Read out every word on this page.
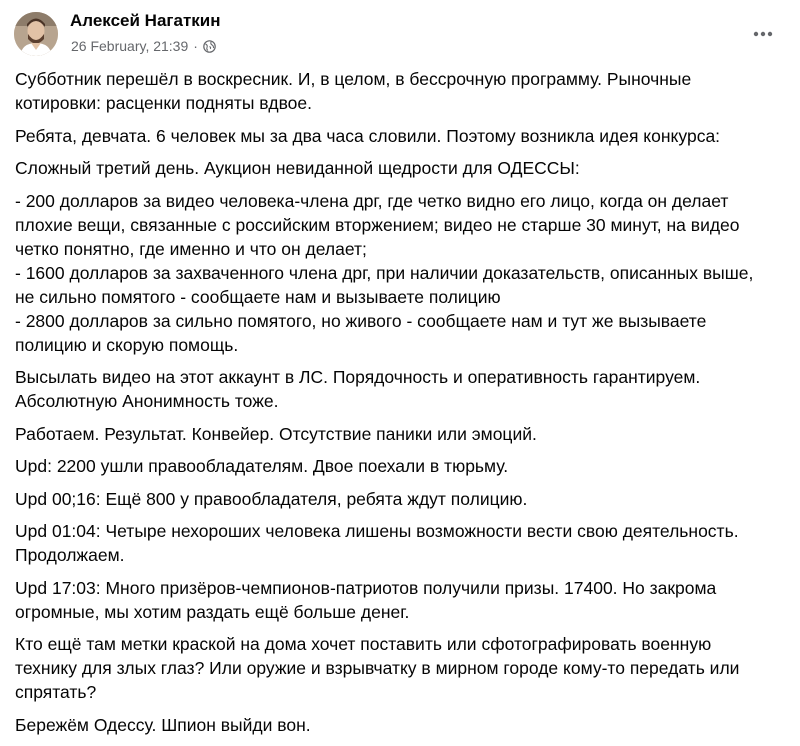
Алексей Нагаткин
26 February, 21:39 ·

Субботник перешёл в воскресник. И, в целом, в бессрочную программу. Рыночные котировки: расценки подняты вдвое.

Ребята, девчата. 6 человек мы за два часа словили. Поэтому возникла идея конкурса:

Сложный третий день. Аукцион невиданной щедрости для ОДЕССЫ:

- 200 долларов за видео человека-члена дрг, где четко видно его лицо, когда он делает плохие вещи, связанные с российским вторжением; видео не старше 30 минут, на видео четко понятно, где именно и что он делает;
- 1600 долларов за захваченного члена дрг, при наличии доказательств, описанных выше, не сильно помятого - сообщаете нам и вызываете полицию
- 2800 долларов за сильно помятого, но живого - сообщаете нам и тут же вызываете полицию и скорую помощь.

Высылать видео на этот аккаунт в ЛС. Порядочность и оперативность гарантируем. Абсолютную Анонимность тоже.

Работаем. Результат. Конвейер. Отсутствие паники или эмоций.

Upd: 2200 ушли правообладателям. Двое поехали в тюрьму.

Upd 00;16: Ещё 800 у правообладателя, ребята ждут полицию.

Upd 01:04: Четыре нехороших человека лишены возможности вести свою деятельность. Продолжаем.

Upd 17:03: Много призёров-чемпионов-патриотов получили призы. 17400. Но закрома огромные, мы хотим раздать ещё больше денег.

Кто ещё там метки краской на дома хочет поставить или сфотографировать военную технику для злых глаз? Или оружие и взрывчатку в мирном городе кому-то передать или спрятать?

Бережём Одессу. Шпион выйди вон.
